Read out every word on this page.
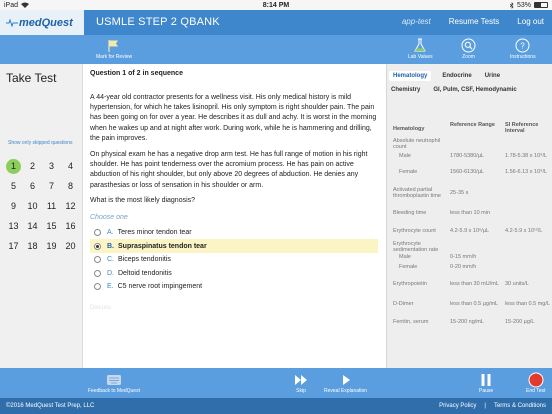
iPad	8:14 PM	53%
medQuest USMLE STEP 2 QBANK	app-test Resume Tests Log out
Mark for Review	Lab Values	Zoom
?
Instructions
Take Test
Show only skipped questions
1	2 3 4
5 6 7 8
9 10 11 12
13 14 15 16
17 18 19 20
Question 1 of 2 in sequence

A 44-year old contractor presents for a wellness visit. His only medical history is mild hypertension, for which he takes lisinopril. His only symptom is right shoulder pain. The pain has been going on for over a year. He describes it as dull and achy. It is worst in the morning when he wakes up and at night after work. During work, while he is hammering and drilling, the pain improves.

On physical exam he has a negative drop arm test. He has full range of motion in his right shoulder. He has point tenderness over the acromium process. He has pain on active abduction of his right shoulder, but only above 20 degrees of abduction. He denies any parasthesias or loss of sensation in his shoulder or arm.

What is the most likely diagnosis?
Choose one
A. Teres minor tendon tear
B. Supraspinatus tendon tear
C. Biceps tendonitis
D. Deltoid tendonitis
E. C5 nerve root impingement
Discuss
Hematology	Endocrine	Urine
Chemistry	GI, Pulm, CSF, Hemodynamic
Hematology
Reference Range	SI Reference Interval
Absolute neutrophil count
Male	1780-5380/µL	1.78-5.38 x 10⁹/L
Female	1560-6130/µL	1.56-6.13 x 10⁹/L
Activated partial thromboplastin time	25-35 s
Bleeding time	less than 10 min
Erythrocyte count	4.2-5.9 x 10⁶/µL	4.2-5.9 x 10¹²/L
Erythrocyte sedimentation rate
Male	0-15 mm/h
Female	0-20 mm/h
Erythropoietin	less than 30 mU/mL	30 units/L
D-Dimer	less than 0.5 µg/mL	less than 0.5 mg/L
Ferritin, serum	15-200 ng/mL	15-200 µg/L
Feedback to MedQuest	Skip	Reveal Explanation	Pause	End Test
©2016 MedQuest Test Prep, LLC	Privacy Policy | Terms & Conditions
